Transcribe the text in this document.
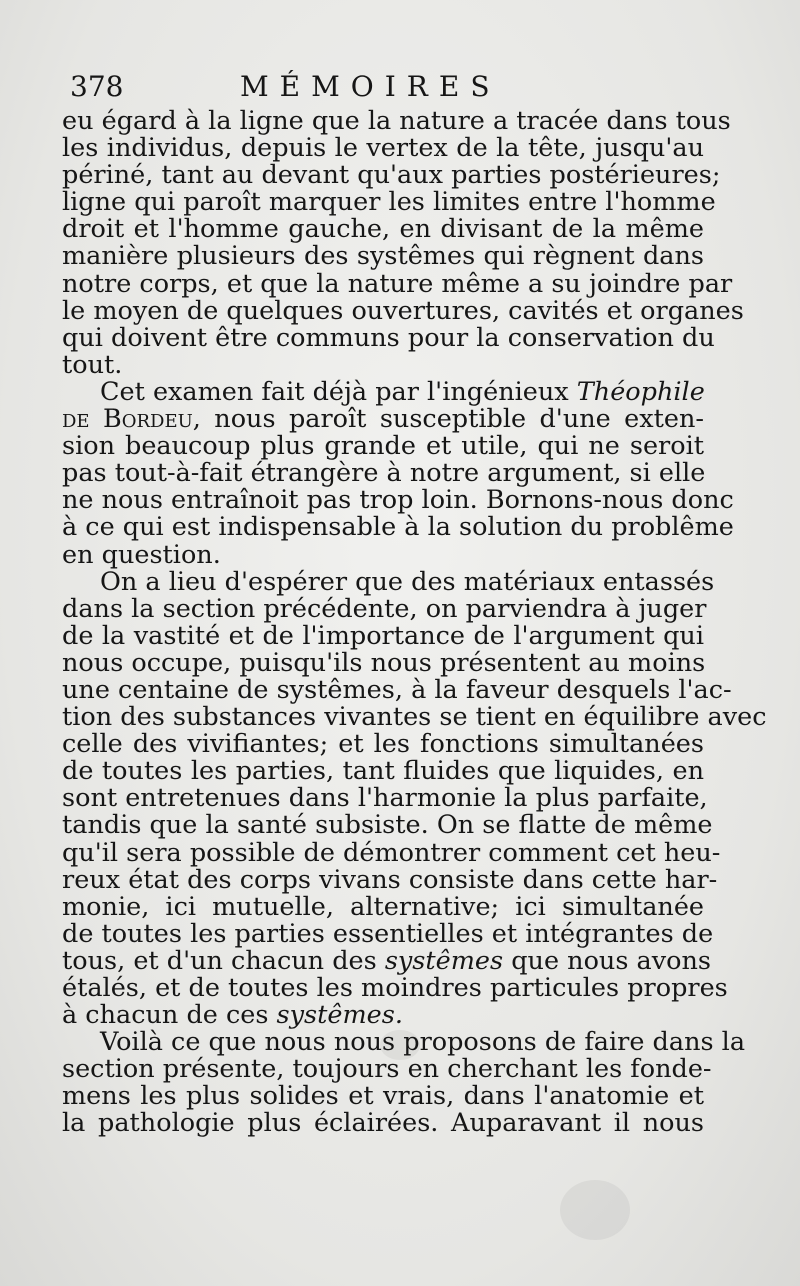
378	MÉMOIRES
eu égard à la ligne que la nature a tracée dans tous
les individus, depuis le vertex de la tête, jusqu'au
périné, tant au devant qu'aux parties postérieures;
ligne qui paroît marquer les limites entre l'homme
droit et l'homme gauche, en divisant de la même
manière plusieurs des systêmes qui règnent dans
notre corps, et que la nature même a su joindre par
le moyen de quelques ouvertures, cavités et organes
qui doivent être communs pour la conservation du
tout.
Cet examen fait déjà par l'ingénieux Théophile
de Bordeu, nous paroît susceptible d'une exten-
sion beaucoup plus grande et utile, qui ne seroit
pas tout-à-fait étrangère à notre argument, si elle
ne nous entraînoit pas trop loin. Bornons-nous donc
à ce qui est indispensable à la solution du problême
en question.
On a lieu d'espérer que des matériaux entassés
dans la section précédente, on parviendra à juger
de la vastité et de l'importance de l'argument qui
nous occupe, puisqu'ils nous présentent au moins
une centaine de systêmes, à la faveur desquels l'ac-
tion des substances vivantes se tient en équilibre avec
celle des vivifiantes; et les fonctions simultanées
de toutes les parties, tant fluides que liquides, en
sont entretenues dans l'harmonie la plus parfaite,
tandis que la santé subsiste. On se flatte de même
qu'il sera possible de démontrer comment cet heu-
reux état des corps vivans consiste dans cette har-
monie, ici mutuelle, alternative; ici simultanée
de toutes les parties essentielles et intégrantes de
tous, et d'un chacun des systêmes que nous avons
étalés, et de toutes les moindres particules propres
à chacun de ces systêmes.
Voilà ce que nous nous proposons de faire dans la
section présente, toujours en cherchant les fonde-
mens les plus solides et vrais, dans l'anatomie et
la pathologie plus éclairées. Auparavant il nous
